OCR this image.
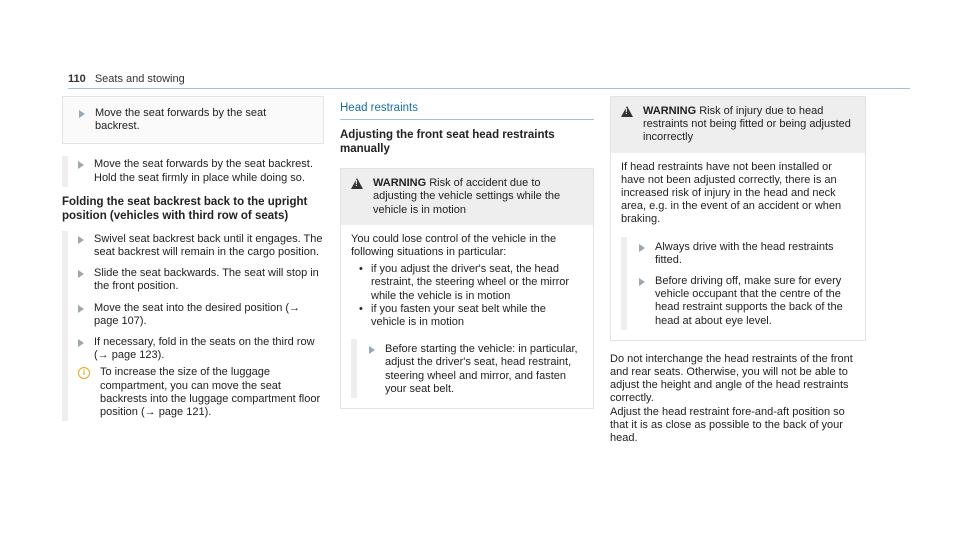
110 Seats and stowing
Move the seat forwards by the seat backrest.
Move the seat forwards by the seat backrest. Hold the seat firmly in place while doing so.
Folding the seat backrest back to the upright position (vehicles with third row of seats)
Swivel seat backrest back until it engages. The seat backrest will remain in the cargo position.
Slide the seat backwards. The seat will stop in the front position.
Move the seat into the desired position (→ page 107).
If necessary, fold in the seats on the third row (→ page 123).
i	To increase the size of the luggage compartment, you can move the seat backrests into the luggage compartment floor position (→ page 121).
Head restraints
Adjusting the front seat head restraints manually
!
WARNING Risk of accident due to adjusting the vehicle settings while the vehicle is in motion
You could lose control of the vehicle in the following situations in particular:
• if you adjust the driver's seat, the head restraint, the steering wheel or the mirror while the vehicle is in motion
• if you fasten your seat belt while the vehicle is in motion
Before starting the vehicle: in particular, adjust the driver's seat, head restraint, steering wheel and mirror, and fasten your seat belt.
!
WARNING Risk of injury due to head restraints not being fitted or being adjusted incorrectly
If head restraints have not been installed or have not been adjusted correctly, there is an increased risk of injury in the head and neck area, e.g. in the event of an accident or when braking.
Always drive with the head restraints fitted.
Before driving off, make sure for every vehicle occupant that the centre of the head restraint supports the back of the head at about eye level.
Do not interchange the head restraints of the front and rear seats. Otherwise, you will not be able to adjust the height and angle of the head restraints correctly.
Adjust the head restraint fore-and-aft position so that it is as close as possible to the back of your head.
